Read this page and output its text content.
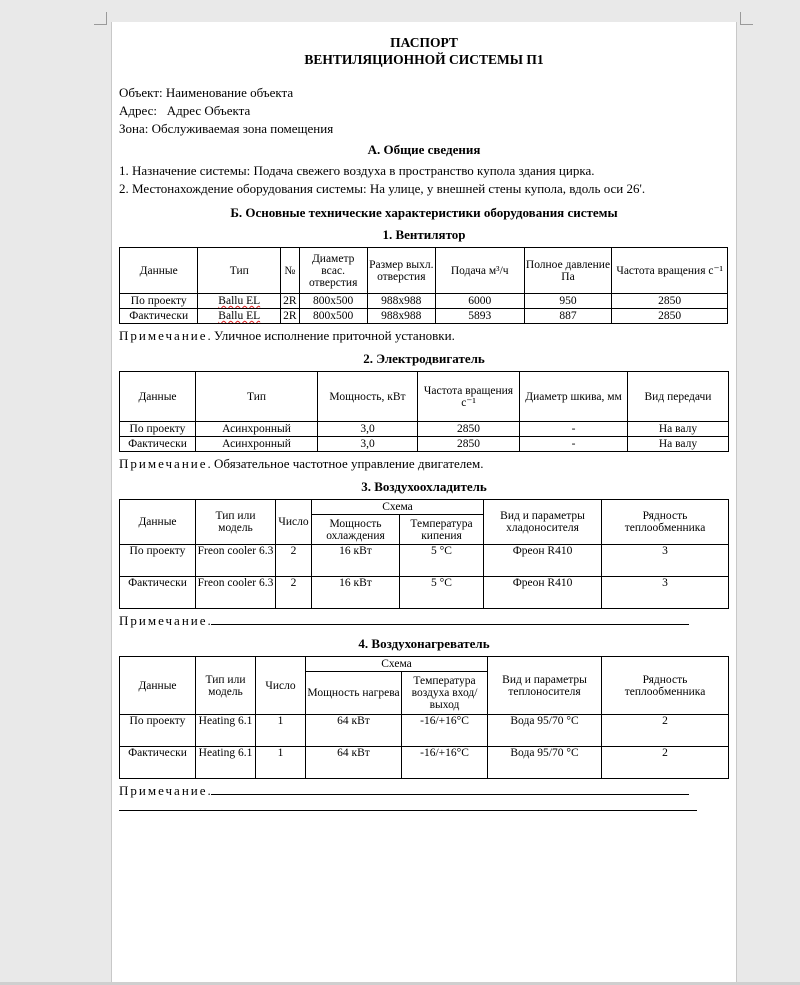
ПАСПОРТ

ВЕНТИЛЯЦИОННОЙ СИСТЕМЫ П1

Объект: Наименование объекта

Адрес:   Адрес Объекта

Зона: Обслуживаемая зона помещения

А. Общие сведения

1. Назначение системы: Подача свежего воздуха в пространство купола здания цирка.

2. Местонахождение оборудования системы: На улице, у внешней стены купола, вдоль оси 26'.

Б. Основные технические характеристики оборудования системы
1. Вентилятор
Данные	Тип	№	Диаметр всас. отверстия	Размер выхл. отверстия	Подача м³/ч	Полное давление Па	Частота вращения с⁻¹
По проекту	Ballu EL	2R	800x500	988x988	6000	950	2850
Фактически	Ballu EL	2R	800x500	988x988	5893	887	2850

Примечание. Уличное исполнение приточной установки.

2. Электродвигатель
Данные	Тип	Мощность, кВт	Частота вращения с⁻¹	Диаметр шкива, мм	Вид передачи
По проекту	Асинхронный	3,0	2850	-	На валу
Фактически	Асинхронный	3,0	2850	-	На валу

Примечание. Обязательное частотное управление двигателем.

3. Воздухоохладитель
Данные	Тип или модель	Число	Схема		Вид и параметры хладоносителя	Рядность теплообменника
			Мощность охлаждения	Температура кипения		
По проекту	Freon cooler 6.3	2	16 кВт	5 °С	Фреон R410	3
Фактически	Freon cooler 6.3	2	16 кВт	5 °С	Фреон R410	3

Примечание.

4. Воздухонагреватель
Данные	Тип или модель	Число	Схема		Вид и параметры теплоносителя	Рядность теплообменника
			Мощность нагрева	Температура воздуха вход/выход		
По проекту	Heating 6.1	1	64 кВт	-16/+16°С	Вода 95/70 °С	2
Фактически	Heating 6.1	1	64 кВт	-16/+16°С	Вода 95/70 °С	2

Примечание.
